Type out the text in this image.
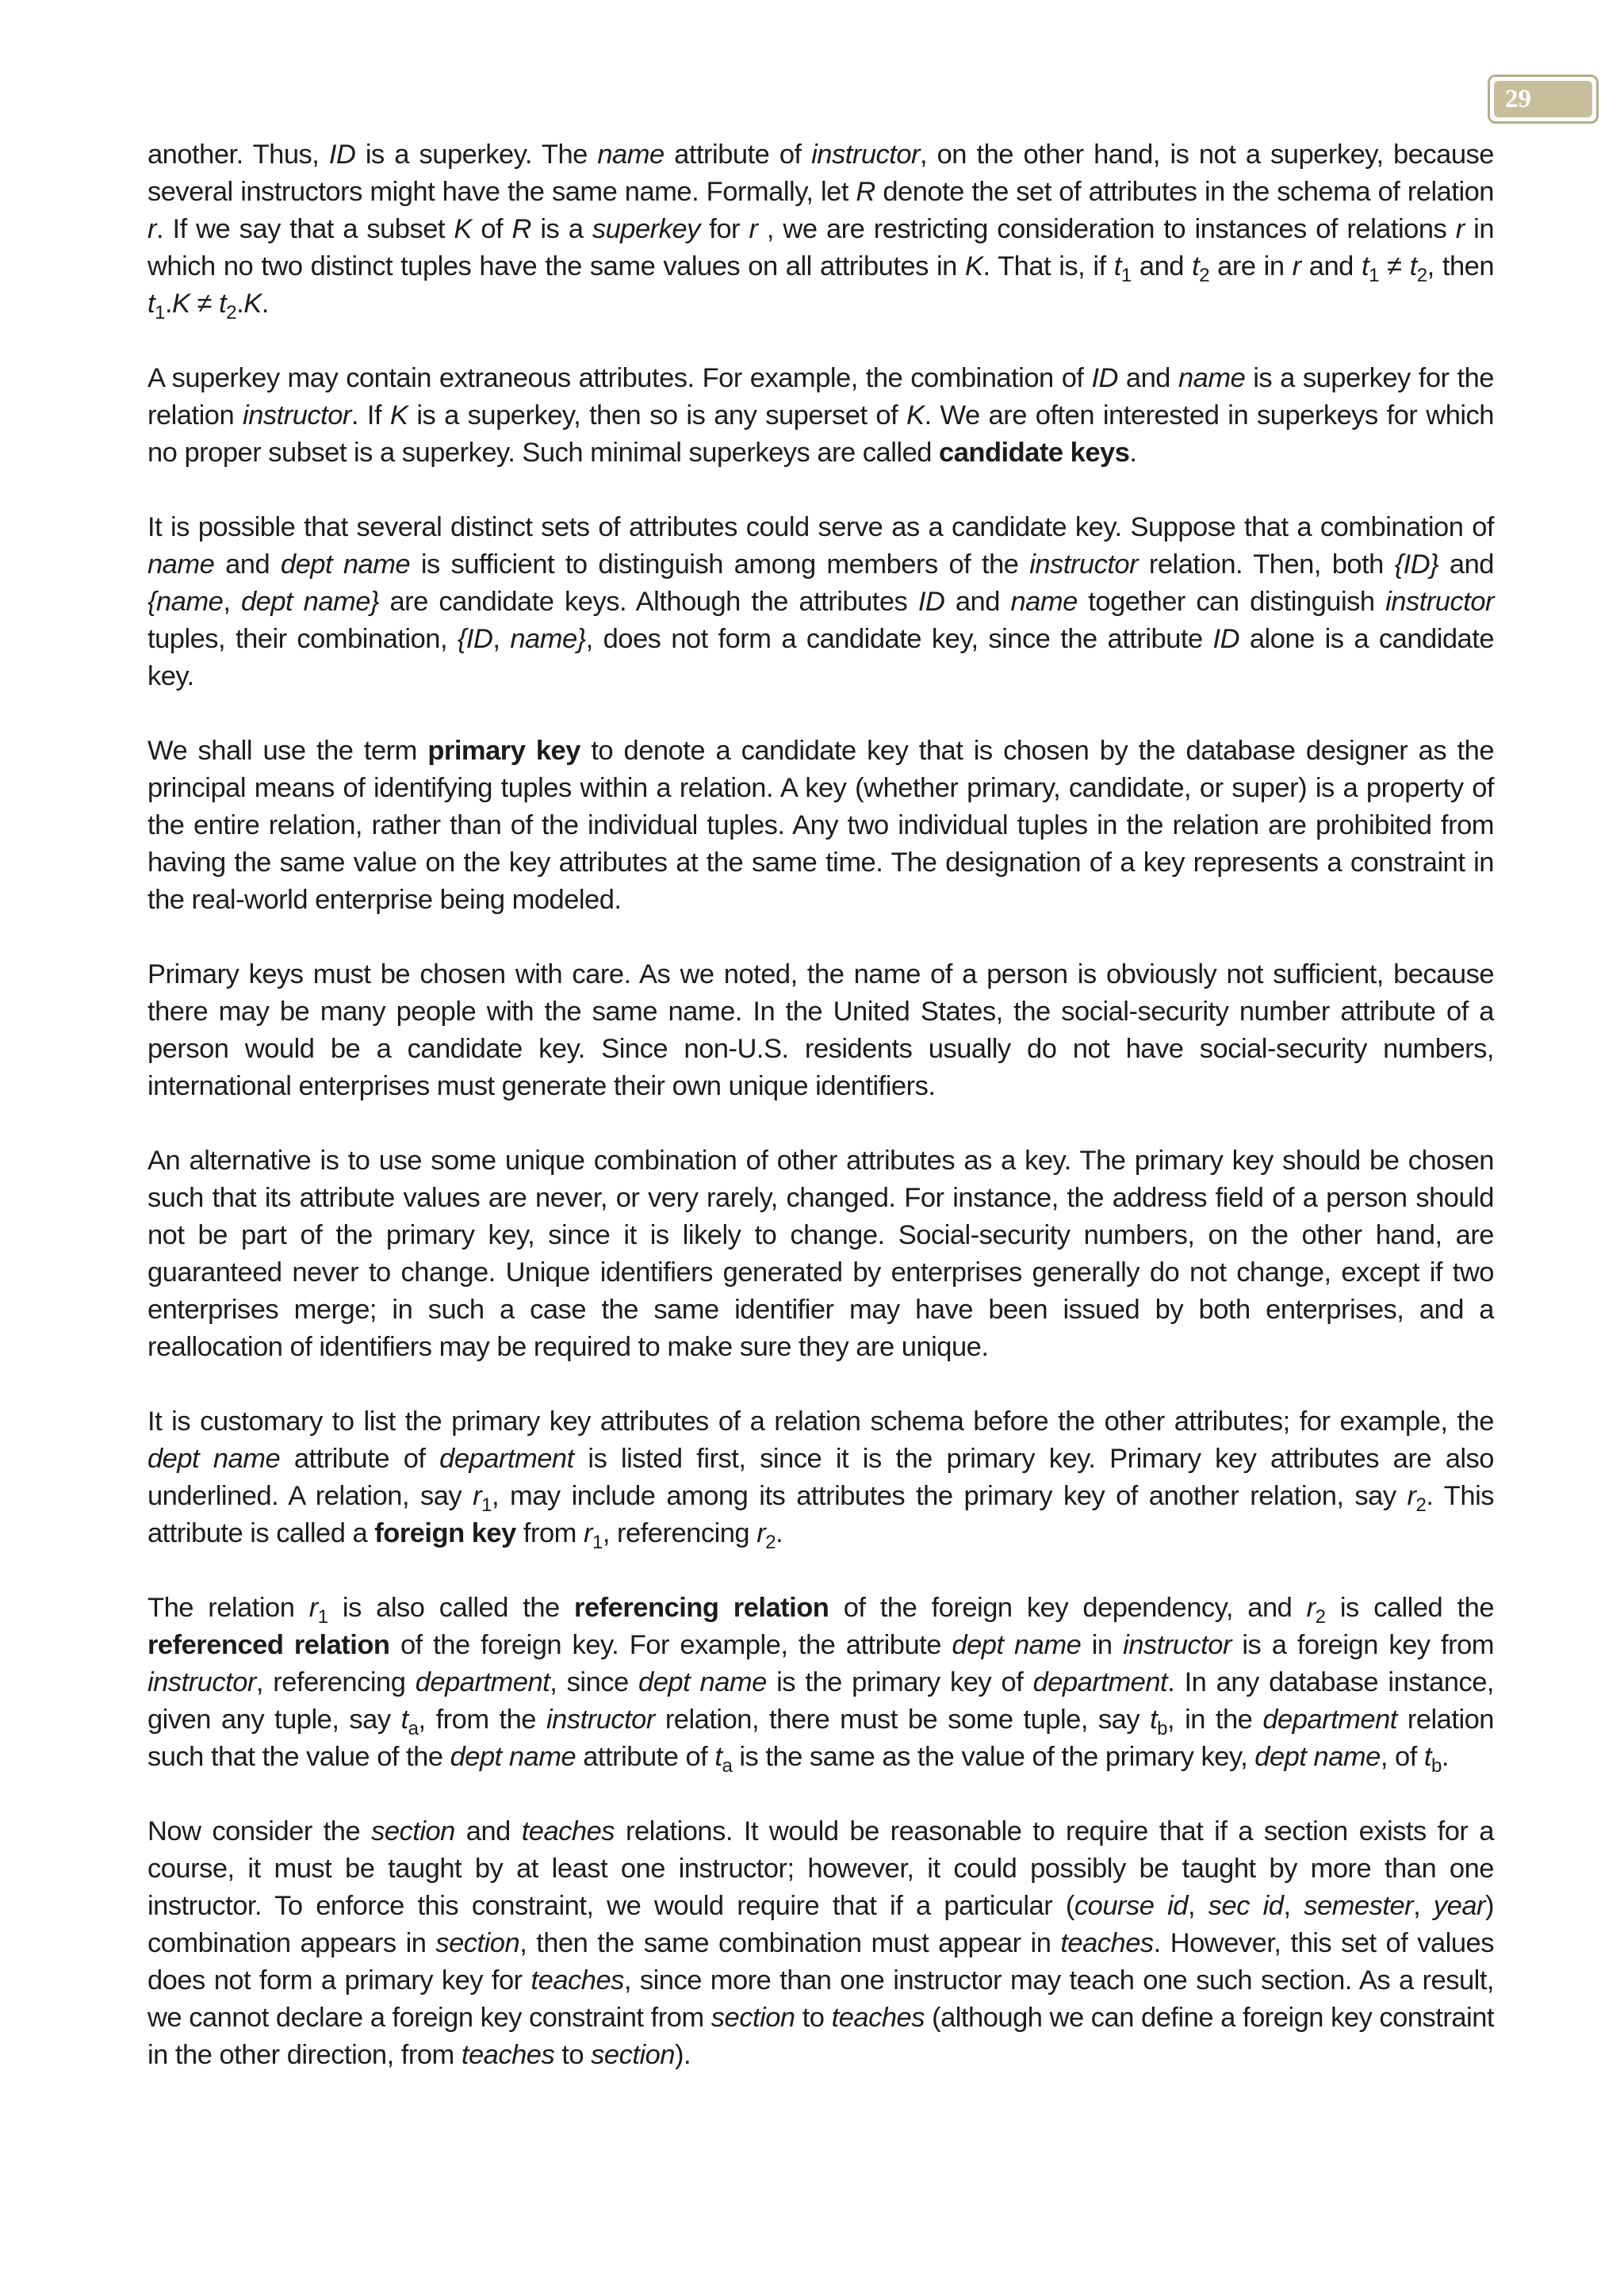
29

another. Thus, ID is a superkey. The name attribute of instructor, on the other hand, is not a superkey, because several instructors might have the same name. Formally, let R denote the set of attributes in the schema of relation r. If we say that a subset K of R is a superkey for r , we are restricting consideration to instances of relations r in which no two distinct tuples have the same values on all attributes in K. That is, if $t_1$ and $t_2$ are in r and $t_1 \ne t_2$, then $t_1.K \ne t_2.K$.

A superkey may contain extraneous attributes. For example, the combination of ID and name is a superkey for the relation instructor. If K is a superkey, then so is any superset of K. We are often interested in superkeys for which no proper subset is a superkey. Such minimal superkeys are called candidate keys.

It is possible that several distinct sets of attributes could serve as a candidate key. Suppose that a combination of name and dept name is sufficient to distinguish among members of the instructor relation. Then, both {ID} and {name, dept name} are candidate keys. Although the attributes ID and name together can distinguish instructor tuples, their combination, {ID, name}, does not form a candidate key, since the attribute ID alone is a candidate key.

We shall use the term primary key to denote a candidate key that is chosen by the database designer as the principal means of identifying tuples within a relation. A key (whether primary, candidate, or super) is a property of the entire relation, rather than of the individual tuples. Any two individual tuples in the relation are prohibited from having the same value on the key attributes at the same time. The designation of a key represents a constraint in the real-world enterprise being modeled.

Primary keys must be chosen with care. As we noted, the name of a person is obviously not sufficient, because there may be many people with the same name. In the United States, the social-security number attribute of a person would be a candidate key. Since non-U.S. residents usually do not have social-security numbers, international enterprises must generate their own unique identifiers.

An alternative is to use some unique combination of other attributes as a key. The primary key should be chosen such that its attribute values are never, or very rarely, changed. For instance, the address field of a person should not be part of the primary key, since it is likely to change. Social-security numbers, on the other hand, are guaranteed never to change. Unique identifiers generated by enterprises generally do not change, except if two enterprises merge; in such a case the same identifier may have been issued by both enterprises, and a reallocation of identifiers may be required to make sure they are unique.

It is customary to list the primary key attributes of a relation schema before the other attributes; for example, the dept name attribute of department is listed first, since it is the primary key. Primary key attributes are also underlined. A relation, say $r_1$, may include among its attributes the primary key of another relation, say $r_2$. This attribute is called a foreign key from $r_1$, referencing $r_2$.

The relation $r_1$ is also called the referencing relation of the foreign key dependency, and $r_2$ is called the referenced relation of the foreign key. For example, the attribute dept name in instructor is a foreign key from instructor, referencing department, since dept name is the primary key of department. In any database instance, given any tuple, say $t_a$, from the instructor relation, there must be some tuple, say $t_b$, in the department relation such that the value of the dept name attribute of $t_a$ is the same as the value of the primary key, dept name, of $t_b$.

Now consider the section and teaches relations. It would be reasonable to require that if a section exists for a course, it must be taught by at least one instructor; however, it could possibly be taught by more than one instructor. To enforce this constraint, we would require that if a particular (course id, sec id, semester, year) combination appears in section, then the same combination must appear in teaches. However, this set of values does not form a primary key for teaches, since more than one instructor may teach one such section. As a result, we cannot declare a foreign key constraint from section to teaches (although we can define a foreign key constraint in the other direction, from teaches to section).
